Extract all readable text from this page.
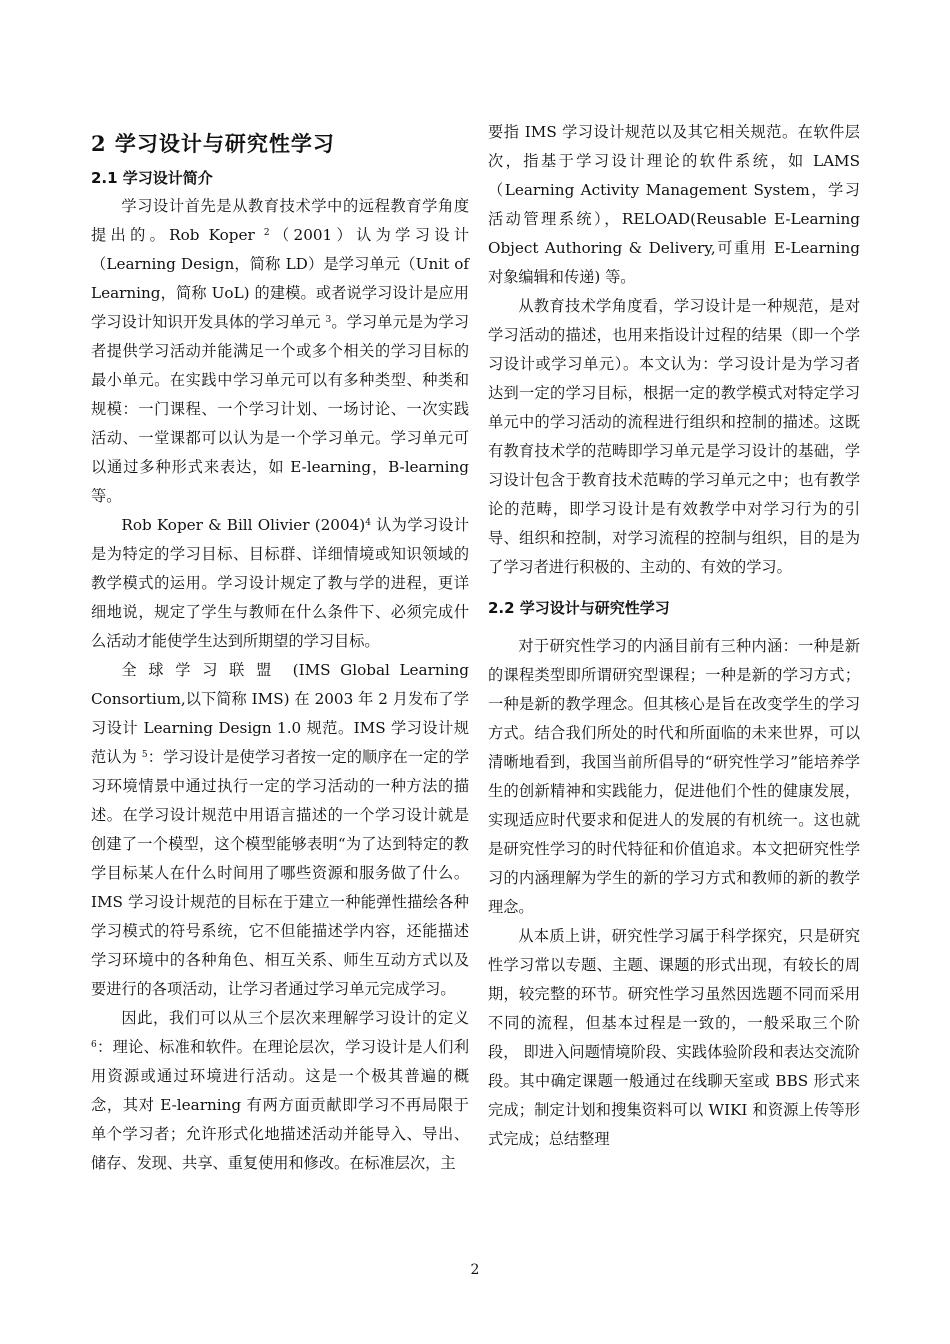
2 学习设计与研究性学习
2.1 学习设计简介

学习设计首先是从教育技术学中的远程教育学角度提出的。Rob Koper $^2$（2001）认为学习设计（Learning Design，简称 LD）是学习单元（Unit of Learning，简称 UoL) 的建模。或者说学习设计是应用学习设计知识开发具体的学习单元 $^3$。学习单元是为学习者提供学习活动并能满足一个或多个相关的学习目标的最小单元。在实践中学习单元可以有多种类型、种类和规模：一门课程、一个学习计划、一场讨论、一次实践活动、一堂课都可以认为是一个学习单元。学习单元可以通过多种形式来表达，如 E-learning，B-learning 等。

Rob Koper & Bill Olivier $(2004)^4$ 认为学习设计是为特定的学习目标、目标群、详细情境或知识领域的教学模式的运用。学习设计规定了教与学的进程，更详细地说，规定了学生与教师在什么条件下、必须完成什么活动才能使学生达到所期望的学习目标。

全球学习联盟 (IMS Global Learning Consortium,以下简称 IMS) 在 2003 年 2 月发布了学习设计 Learning Design 1.0 规范。IMS 学习设计规范认为 $^5$：学习设计是使学习者按一定的顺序在一定的学习环境情景中通过执行一定的学习活动的一种方法的描述。在学习设计规范中用语言描述的一个学习设计就是创建了一个模型，这个模型能够表明“为了达到特定的教学目标某人在什么时间用了哪些资源和服务做了什么。IMS 学习设计规范的目标在于建立一种能弹性描绘各种学习模式的符号系统，它不但能描述学内容，还能描述学习环境中的各种角色、相互关系、师生互动方式以及要进行的各项活动，让学习者通过学习单元完成学习。

因此，我们可以从三个层次来理解学习设计的定义 $^6$：理论、标准和软件。在理论层次，学习设计是人们利用资源或通过环境进行活动。这是一个极其普遍的概念，其对 E-learning 有两方面贡献即学习不再局限于单个学习者；允许形式化地描述活动并能导入、导出、储存、发现、共享、重复使用和修改。在标准层次，主

要指 IMS 学习设计规范以及其它相关规范。在软件层次，指基于学习设计理论的软件系统，如 LAMS（Learning Activity Management System，学习活动管理系统），RELOAD(Reusable E-Learning Object Authoring & Delivery,可重用 E-Learning 对象编辑和传递) 等。

从教育技术学角度看，学习设计是一种规范，是对学习活动的描述，也用来指设计过程的结果（即一个学习设计或学习单元）。本文认为：学习设计是为学习者达到一定的学习目标，根据一定的教学模式对特定学习单元中的学习活动的流程进行组织和控制的描述。这既有教育技术学的范畴即学习单元是学习设计的基础，学习设计包含于教育技术范畴的学习单元之中；也有教学论的范畴，即学习设计是有效教学中对学习行为的引导、组织和控制，对学习流程的控制与组织，目的是为了学习者进行积极的、主动的、有效的学习。

2.2 学习设计与研究性学习

对于研究性学习的内涵目前有三种内涵：一种是新的课程类型即所谓研究型课程；一种是新的学习方式；一种是新的教学理念。但其核心是旨在改变学生的学习方式。结合我们所处的时代和所面临的未来世界，可以清晰地看到，我国当前所倡导的“研究性学习”能培养学生的创新精神和实践能力，促进他们个性的健康发展，实现适应时代要求和促进人的发展的有机统一。这也就是研究性学习的时代特征和价值追求。本文把研究性学习的内涵理解为学生的新的学习方式和教师的新的教学理念。

从本质上讲，研究性学习属于科学探究，只是研究性学习常以专题、主题、课题的形式出现，有较长的周期，较完整的环节。研究性学习虽然因选题不同而采用不同的流程，但基本过程是一致的，一般采取三个阶段， 即进入问题情境阶段、实践体验阶段和表达交流阶段。其中确定课题一般通过在线聊天室或 BBS 形式来完成；制定计划和搜集资料可以 WIKI 和资源上传等形式完成；总结整理

2
